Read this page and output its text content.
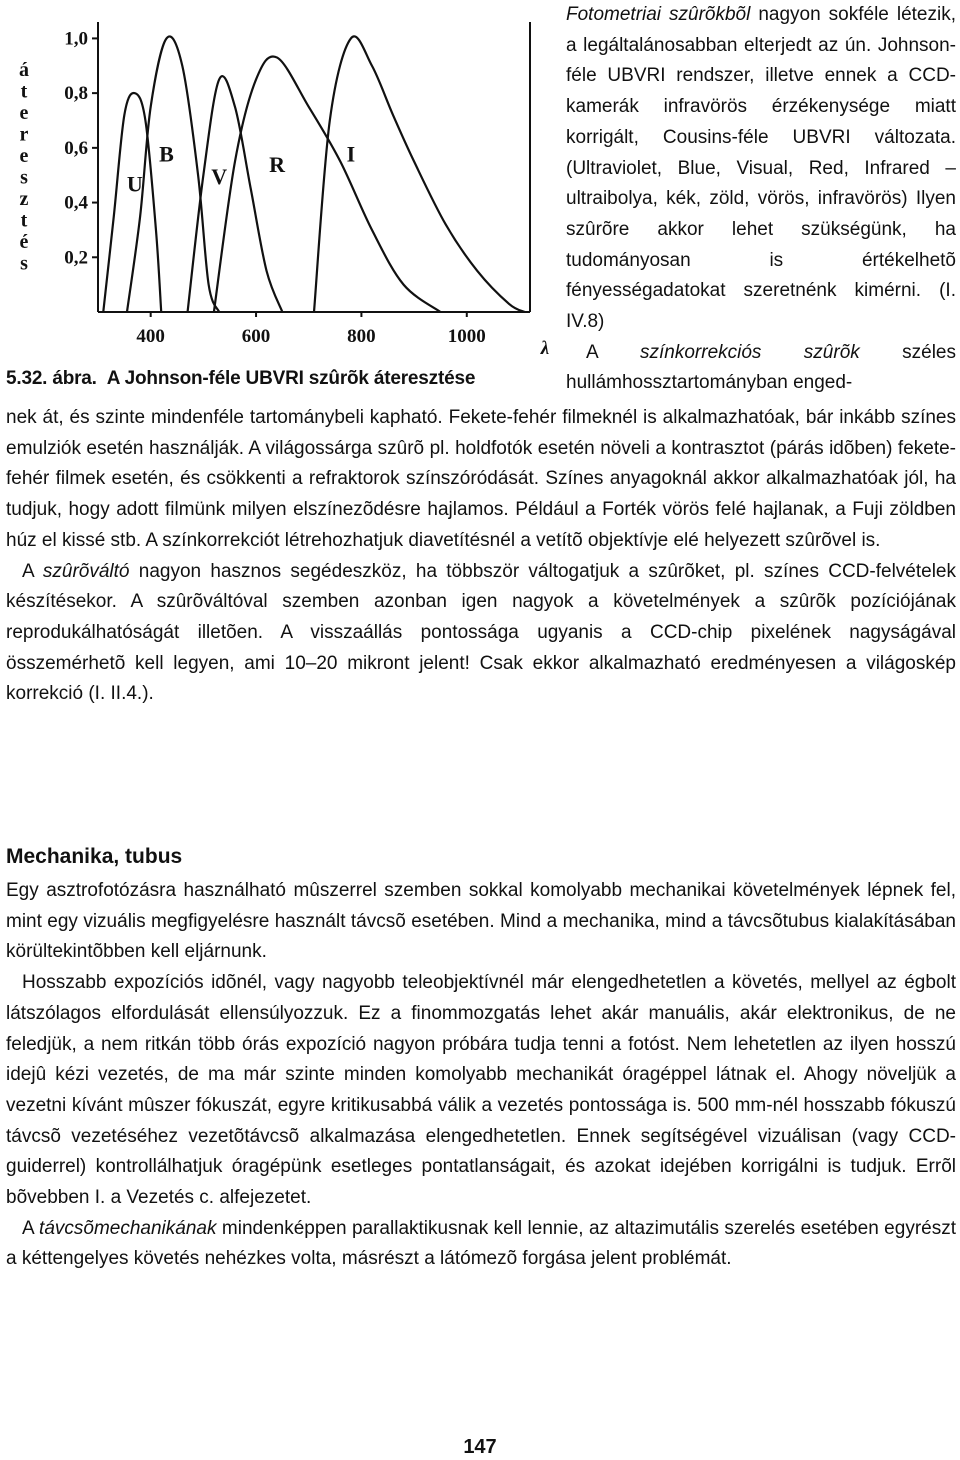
0,2
0,4
0,6
0,8
1,0
400	600	800	1000
λ
á
t
e
r
e
s
z
t
é
s
U
B
V R	I
5.32. ábra. A Johnson-féle UBVRI szûrõk áteresztése

Fotometriai szûrõkbõl nagyon sokféle létezik, a legáltalánosabban elterjedt az ún. Johnson-féle UBVRI rendszer, illetve ennek a CCD-kamerák infravörös érzékenysége miatt korrigált, Cousins-féle UBVRI változata. (Ultraviolet, Blue, Visual, Red, Infrared – ultraibolya, kék, zöld, vörös, infravörös) Ilyen szûrõre akkor lehet szükségünk, ha tudományosan is értékelhetõ fényességadatokat szeretnénk kimérni. (I. IV.8)

A színkorrekciós szûrõk széles hullámhossztartományban enged-

nek át, és szinte mindenféle tartománybeli kapható. Fekete-fehér filmeknél is alkalmazhatóak, bár inkább színes emulziók esetén használják. A világossárga szûrõ pl. holdfotók esetén növeli a kontrasztot (párás idõben) fekete-fehér filmek esetén, és csökkenti a refraktorok színszóródását. Színes anyagoknál akkor alkalmazhatóak jól, ha tudjuk, hogy adott filmünk milyen elszínezõdésre hajlamos. Például a Forték vörös felé hajlanak, a Fuji zöldben húz el kissé stb. A színkorrekciót létrehozhatjuk diavetítésnél a vetítõ objektívje elé helyezett szûrõvel is.

A szûrõváltó nagyon hasznos segédeszköz, ha többször váltogatjuk a szûrõket, pl. színes CCD-felvételek készítésekor. A szûrõváltóval szemben azonban igen nagyok a követelmények a szûrõk pozíciójának reprodukálhatóságát illetõen. A visszaállás pontossága ugyanis a CCD-chip pixelének nagyságával összemérhetõ kell legyen, ami 10–20 mikront jelent! Csak ekkor alkalmazható eredményesen a világoskép korrekció (I. II.4.).

Mechanika, tubus

Egy asztrofotózásra használható mûszerrel szemben sokkal komolyabb mechanikai követelmények lépnek fel, mint egy vizuális megfigyelésre használt távcsõ esetében. Mind a mechanika, mind a távcsõtubus kialakításában körültekintõbben kell eljárnunk.

Hosszabb expozíciós idõnél, vagy nagyobb teleobjektívnél már elengedhetetlen a követés, mellyel az égbolt látszólagos elfordulását ellensúlyozzuk. Ez a finommozgatás lehet akár manuális, akár elektronikus, de ne feledjük, a nem ritkán több órás expozíció nagyon próbára tudja tenni a fotóst. Nem lehetetlen az ilyen hosszú idejû kézi vezetés, de ma már szinte minden komolyabb mechanikát óragéppel látnak el. Ahogy növeljük a vezetni kívánt mûszer fókuszát, egyre kritikusabbá válik a vezetés pontossága is. 500 mm-nél hosszabb fókuszú távcsõ vezetéséhez vezetõtávcsõ alkalmazása elengedhetetlen. Ennek segítségével vizuálisan (vagy CCD-guiderrel) kontrollálhatjuk óragépünk esetleges pontatlanságait, és azokat idejében korrigálni is tudjuk. Errõl bõvebben I. a Vezetés c. alfejezetet.

A távcsõmechanikának mindenképpen parallaktikusnak kell lennie, az altazimutális szerelés esetében egyrészt a kéttengelyes követés nehézkes volta, másrészt a látómezõ forgása jelent problémát.

147
